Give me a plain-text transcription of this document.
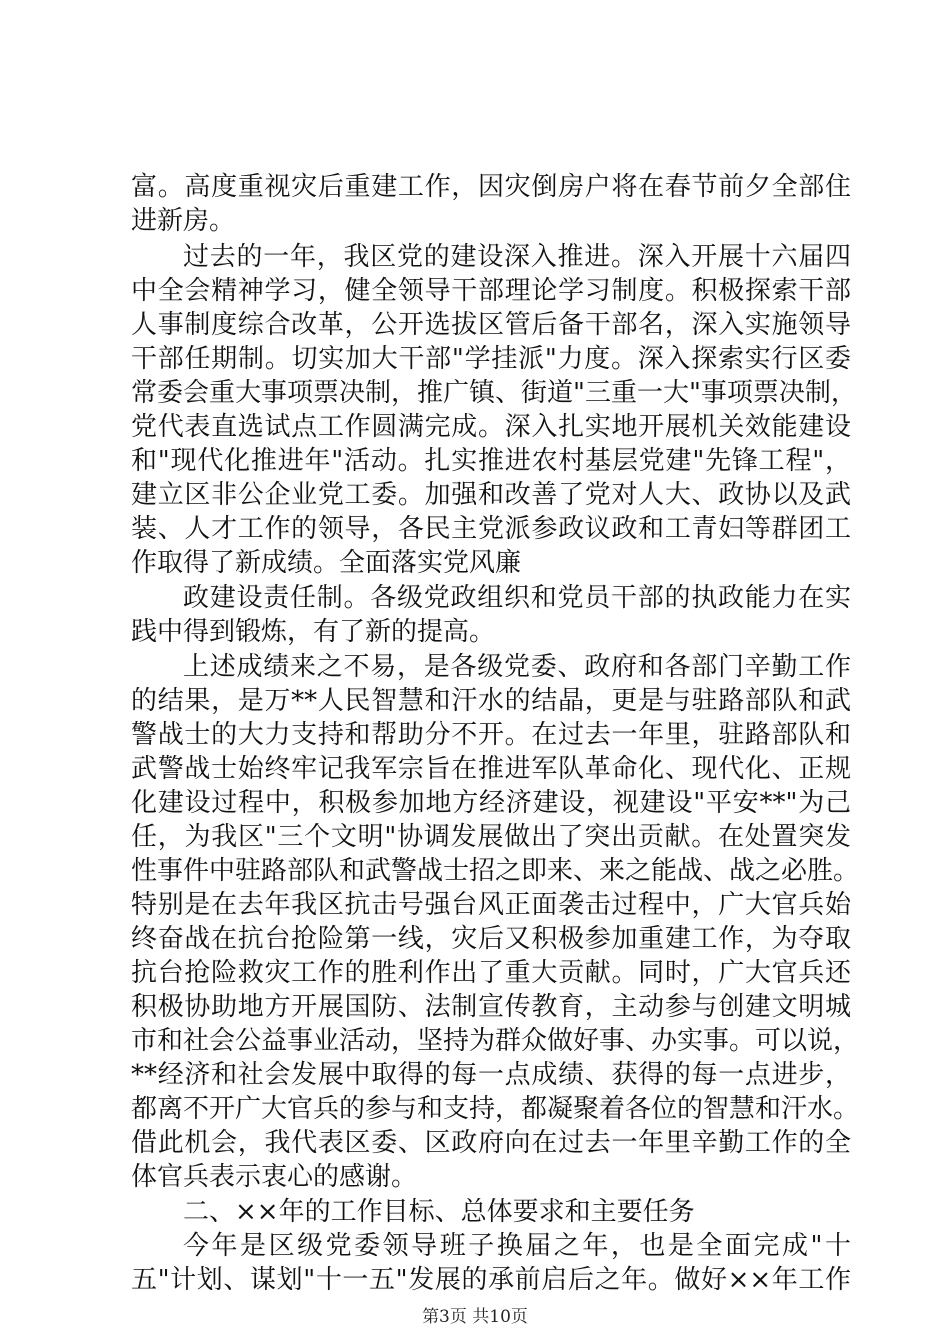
富。高度重视灾后重建工作，因灾倒房户将在春节前夕全部住
进新房。
过去的一年，我区党的建设深入推进。深入开展十六届四
中全会精神学习，健全领导干部理论学习制度。积极探索干部
人事制度综合改革，公开选拔区管后备干部名，深入实施领导
干部任期制。切实加大干部"学挂派"力度。深入探索实行区委
常委会重大事项票决制，推广镇、街道"三重一大"事项票决制，
党代表直选试点工作圆满完成。深入扎实地开展机关效能建设
和"现代化推进年"活动。扎实推进农村基层党建"先锋工程"，
建立区非公企业党工委。加强和改善了党对人大、政协以及武
装、人才工作的领导，各民主党派参政议政和工青妇等群团工
作取得了新成绩。全面落实党风廉
政建设责任制。各级党政组织和党员干部的执政能力在实
践中得到锻炼，有了新的提高。
上述成绩来之不易，是各级党委、政府和各部门辛勤工作
的结果，是万**人民智慧和汗水的结晶，更是与驻路部队和武
警战士的大力支持和帮助分不开。在过去一年里，驻路部队和
武警战士始终牢记我军宗旨在推进军队革命化、现代化、正规
化建设过程中，积极参加地方经济建设，视建设"平安**"为己
任，为我区"三个文明"协调发展做出了突出贡献。在处置突发
性事件中驻路部队和武警战士招之即来、来之能战、战之必胜。
特别是在去年我区抗击号强台风正面袭击过程中，广大官兵始
终奋战在抗台抢险第一线，灾后又积极参加重建工作，为夺取
抗台抢险救灾工作的胜利作出了重大贡献。同时，广大官兵还
积极协助地方开展国防、法制宣传教育，主动参与创建文明城
市和社会公益事业活动，坚持为群众做好事、办实事。可以说，
**经济和社会发展中取得的每一点成绩、获得的每一点进步，
都离不开广大官兵的参与和支持，都凝聚着各位的智慧和汗水。
借此机会，我代表区委、区政府向在过去一年里辛勤工作的全
体官兵表示衷心的感谢。
二、××年的工作目标、总体要求和主要任务
今年是区级党委领导班子换届之年，也是全面完成"十
五"计划、谋划"十一五"发展的承前启后之年。做好××年工作
第3页 共10页
